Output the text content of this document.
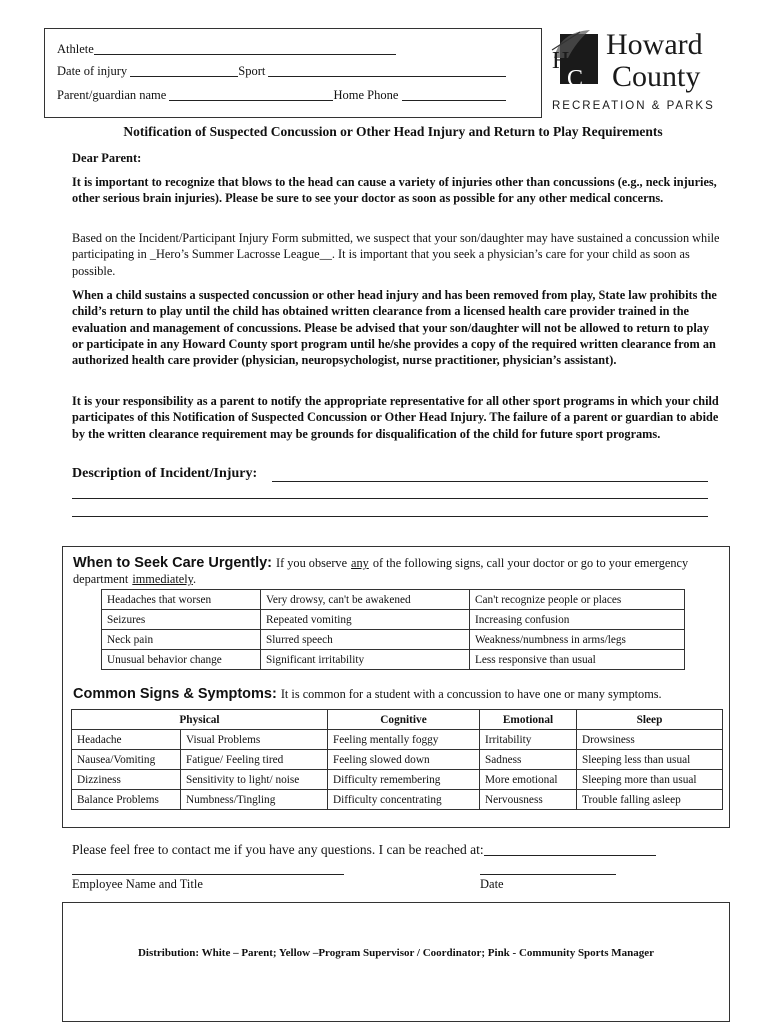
Athlete
Date of injury	Sport
Parent/guardian name	Home Phone
H
C
Howard
County
RECREATION & PARKS
Notification of Suspected Concussion or Other Head Injury and Return to Play Requirements
Dear Parent:
It is important to recognize that blows to the head can cause a variety of injuries other than concussions (e.g., neck injuries, other serious brain injuries). Please be sure to see your doctor as soon as possible for any other medical concerns.
Based on the Incident/Participant Injury Form submitted, we suspect that your son/daughter may have sustained a concussion while participating in _Hero’s Summer Lacrosse League__. It is important that you seek a physician’s care for your child as soon as possible.
When a child sustains a suspected concussion or other head injury and has been removed from play, State law prohibits the child’s return to play until the child has obtained written clearance from a licensed health care provider trained in the evaluation and management of concussions. Please be advised that your son/daughter will not be allowed to return to play or participate in any Howard County sport program until he/she provides a copy of the required written clearance from an authorized health care provider (physician, neuropsychologist, nurse practitioner, physician’s assistant).
It is your responsibility as a parent to notify the appropriate representative for all other sport programs in which your child participates of this Notification of Suspected Concussion or Other Head Injury. The failure of a parent or guardian to abide by the written clearance requirement may be grounds for disqualification of the child for future sport programs.
Description of Incident/Injury:
When to Seek Care Urgently: If you observe any of the following signs, call your doctor or go to your emergency department immediately.
Headaches that worsen	Very drowsy, can't be awakened	Can't recognize people or places
Seizures	Repeated vomiting	Increasing confusion
Neck pain	Slurred speech	Weakness/numbness in arms/legs
Unusual behavior change	Significant irritability	Less responsive than usual
Common Signs & Symptoms: It is common for a student with a concussion to have one or many symptoms.
Physical		Cognitive	Emotional	Sleep
Headache	Visual Problems	Feeling mentally foggy	Irritability	Drowsiness
Nausea/Vomiting	Fatigue/ Feeling tired	Feeling slowed down	Sadness	Sleeping less than usual
Dizziness	Sensitivity to light/ noise	Difficulty remembering	More emotional	Sleeping more than usual
Balance Problems	Numbness/Tingling	Difficulty concentrating	Nervousness	Trouble falling asleep
Please feel free to contact me if you have any questions. I can be reached at:
Employee Name and Title	Date
Distribution: White – Parent; Yellow –Program Supervisor / Coordinator; Pink - Community Sports Manager
